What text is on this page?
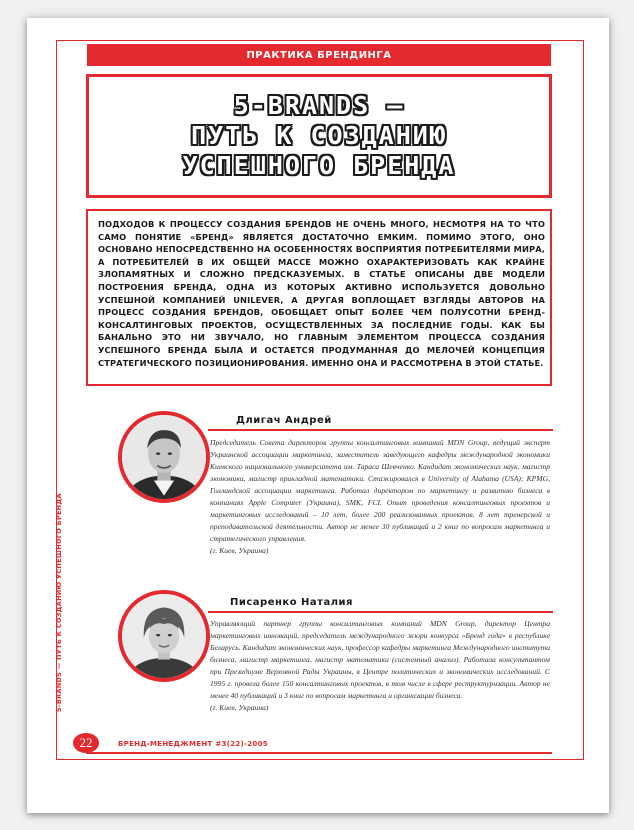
ПРАКТИКА БРЕНДИНГА
5-BRANDS —
ПУТЬ К СОЗДАНИЮ
УСПЕШНОГО БРЕНДА
ПОДХОДОВ К ПРОЦЕССУ СОЗДАНИЯ БРЕНДОВ НЕ ОЧЕНЬ МНОГО, НЕСМОТРЯ НА ТО ЧТО САМО ПОНЯТИЕ «БРЕНД» ЯВЛЯЕТСЯ ДОСТАТОЧНО ЕМКИМ. ПОМИМО ЭТОГО, ОНО ОСНОВАНО НЕПОСРЕДСТВЕННО НА ОСОБЕННОСТЯХ ВОСПРИЯТИЯ ПОТРЕБИТЕЛЯМИ МИРА, А ПОТРЕБИТЕЛЕЙ В ИХ ОБЩЕЙ МАССЕ МОЖНО ОХАРАКТЕРИЗОВАТЬ КАК КРАЙНЕ ЗЛОПАМЯТНЫХ И СЛОЖНО ПРЕДСКАЗУЕМЫХ. В СТАТЬЕ ОПИСАНЫ ДВЕ МОДЕЛИ ПОСТРОЕНИЯ БРЕНДА, ОДНА ИЗ КОТОРЫХ АКТИВНО ИСПОЛЬЗУЕТСЯ ДОВОЛЬНО УСПЕШНОЙ КОМПАНИЕЙ UNILEVER, А ДРУГАЯ ВОПЛОЩАЕТ ВЗГЛЯДЫ АВТОРОВ НА ПРОЦЕСС СОЗДАНИЯ БРЕНДОВ, ОБОБЩАЕТ ОПЫТ БОЛЕЕ ЧЕМ ПОЛУСОТНИ БРЕНД-КОНСАЛТИНГОВЫХ ПРОЕКТОВ, ОСУЩЕСТВЛЕННЫХ ЗА ПОСЛЕДНИЕ ГОДЫ. КАК БЫ БАНАЛЬНО ЭТО НИ ЗВУЧАЛО, НО ГЛАВНЫМ ЭЛЕМЕНТОМ ПРОЦЕССА СОЗДАНИЯ УСПЕШНОГО БРЕНДА БЫЛА И ОСТАЕТСЯ ПРОДУМАННАЯ ДО МЕЛОЧЕЙ КОНЦЕПЦИЯ СТРАТЕГИЧЕСКОГО ПОЗИЦИОНИРОВАНИЯ. ИМЕННО ОНА И РАССМОТРЕНА В ЭТОЙ СТАТЬЕ.
Длигач Андрей
Председатель Совета директоров группы консалтинговых компаний MDN Group, ведущий эксперт Украинской ассоциации маркетинга, заместитель заведующего кафедры международной экономики Киевского национального университета им. Тараса Шевченко. Кандидат экономических наук, магистр экономики, магистр прикладной математики. Стажировался в University of Alabama (USA); KPMG, Голландской ассоциации маркетинга. Работал директором по маркетингу и развитию бизнеса в компаниях Apple Computer (Украина), SMK, FCI. Опыт проведения консалтинговых проектов и маркетинговых исследований – 10 лет, более 200 реализованных проектов, 8 лет тренерской и преподавательской деятельности. Автор не менее 30 публикаций и 2 книг по вопросам маркетинга и стратегического управления.
(г. Киев, Украина)
Писаренко Наталия
Управляющий партнер группы консалтинговых компаний MDN Group, директор Центра маркетинговых инноваций, председатель международного жюри конкурса «Бренд года» в республике Беларусь. Кандидат экономических наук, профессор кафедры маркетинга Международного института бизнеса, магистр маркетинга, магистр математики (системный анализ). Работала консультантом при Президиуме Верховной Рады Украины, в Центре политических и экономических исследований. С 1995 г. провела более 150 консалтинговых проектов, в том числе в сфере реструктуризации. Автор не менее 40 публикаций и 3 книг по вопросам маркетинга и организации бизнеса.
(г. Киев, Украина)
5-BRANDS — ПУТЬ К СОЗДАНИЮ УСПЕШНОГО БРЕНДА
22	БРЕНД-МЕНЕДЖМЕНТ #3(22)-2005
